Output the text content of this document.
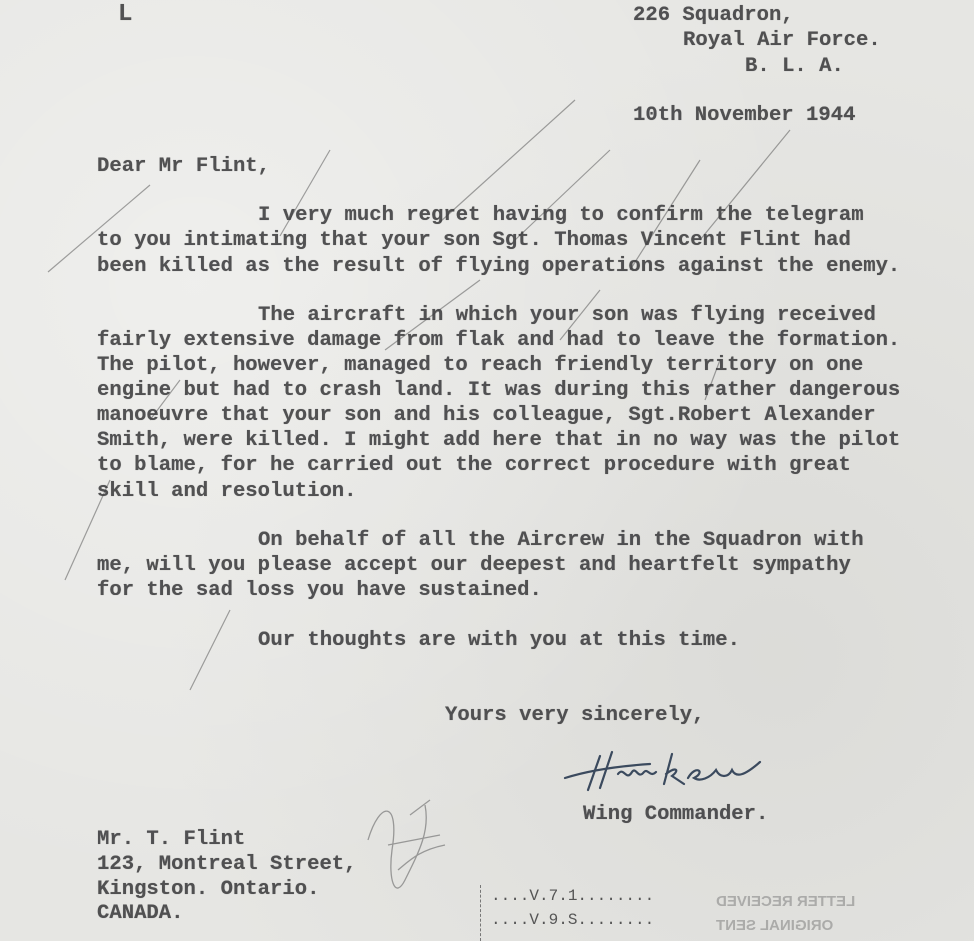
L	226 Squadron,
Royal Air Force.
B. L. A.
10th November 1944
Dear Mr Flint,
I very much regret having to confirm the telegram
to you intimating that your son Sgt. Thomas Vincent Flint had
been killed as the result of flying operations against the enemy.
The aircraft in which your son was flying received
fairly extensive damage from flak and had to leave the formation.
The pilot, however, managed to reach friendly territory on one
engine but had to crash land. It was during this rather dangerous
manoeuvre that your son and his colleague, Sgt.Robert Alexander
Smith, were killed. I might add here that in no way was the pilot
to blame, for he carried out the correct procedure with great
skill and resolution.
On behalf of all the Aircrew in the Squadron with
me, will you please accept our deepest and heartfelt sympathy
for the sad loss you have sustained.
Our thoughts are with you at this time.
Yours very sincerely,
Wing Commander.
Mr. T. Flint
123, Montreal Street,
Kingston. Ontario.
CANADA.
....V.7.1........
....V.9.S........
LETTER RECEIVED
ORIGINAL SENT
